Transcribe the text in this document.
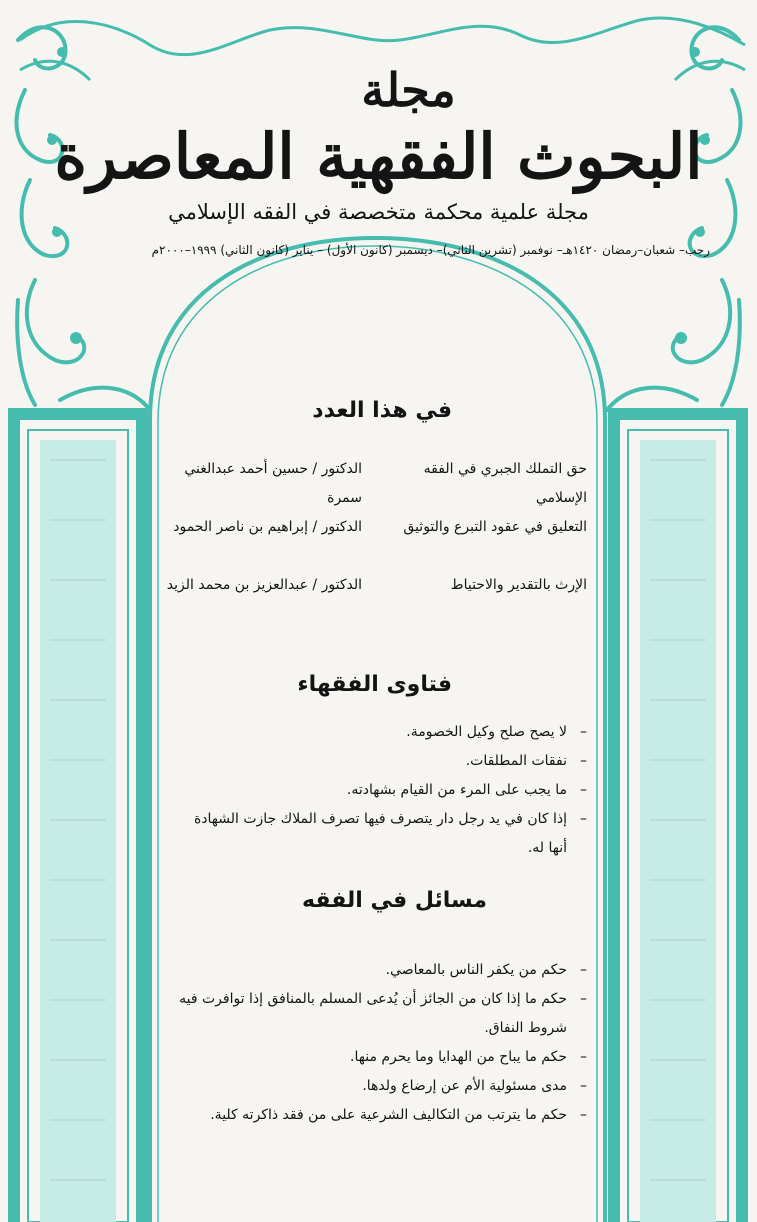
مجلة
البحوث الفقهية المعاصرة
مجلة علمية محكمة متخصصة في الفقه الإسلامي
رجب– شعبان–رمضان ١٤٢٠هـ– نوفمبر (تشرين الثاني)– ديسمبر (كانون الأول) – يناير (كانون الثاني) ١٩٩٩–٢٠٠٠م
في هذا العدد
حق التملك الجبري في الفقه الإسلامي
الدكتور / حسين أحمد عبدالغني سمرة
التعليق في عقود التبرع والتوثيق
الدكتور / إبراهيم بن ناصر الحمود
الإرث بالتقدير والاحتياط
الدكتور / عبدالعزيز بن محمد الزيد
فتاوى الفقهاء
– لا يصح صلح وكيل الخصومة.
– نفقات المطلقات.
– ما يجب على المرء من القيام بشهادته.
– إذا كان في يد رجل دار يتصرف فيها تصرف الملاك جازت الشهادة أنها له.
مسائل في الفقه
– حكم من يكفر الناس بالمعاصي.
– حكم ما إذا كان من الجائز أن يُدعى المسلم بالمنافق إذا توافرت فيه شروط النفاق.
– حكم ما يباح من الهدايا وما يحرم منها.
– مدى مسئولية الأم عن إرضاع ولدها.
– حكم ما يترتب من التكاليف الشرعية على من فقد ذاكرته كلية.
